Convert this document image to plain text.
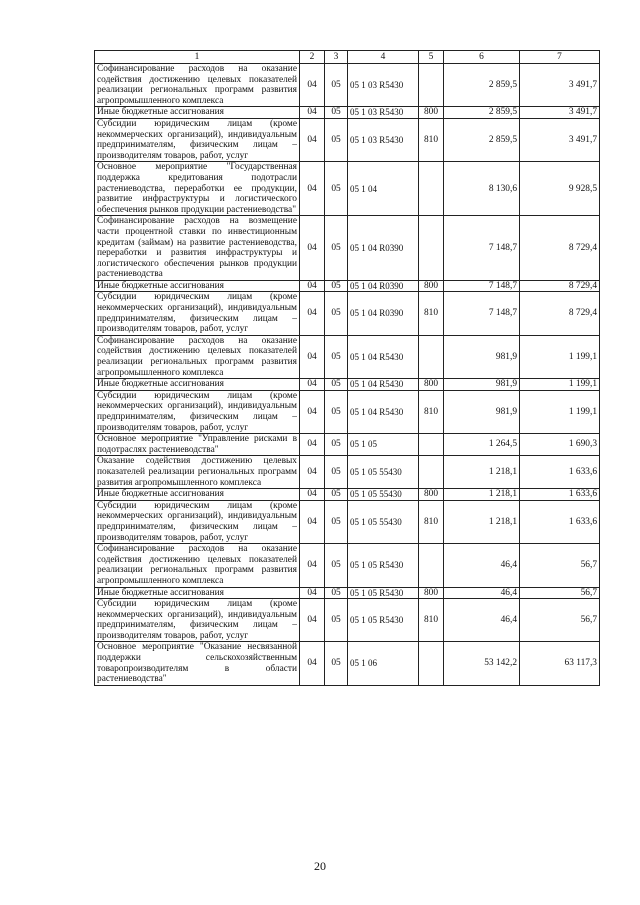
1	2	3	4	5	6	7
Софинансирование расходов на оказание содействия достижению целевых показателей реализации региональных программ развития агропромышленного комплекса	04	05	05 1 03 R5430		2 859,5	3 491,7
Иные бюджетные ассигнования	04	05	05 1 03 R5430	800	2 859,5	3 491,7
Субсидии юридическим лицам (кроме некоммерческих организаций), индивидуальным предпринимателям, физическим лицам – производителям товаров, работ, услуг	04	05	05 1 03 R5430	810	2 859,5	3 491,7
Основное мероприятие "Государственная поддержка кредитования подотрасли растениеводства, переработки ее продукции, развитие инфраструктуры и логистического обеспечения рынков продукции растениеводства"	04	05	05 1 04		8 130,6	9 928,5
Софинансирование расходов на возмещение части процентной ставки по инвестиционным кредитам (займам) на развитие растениеводства, переработки и развития инфраструктуры и логистического обеспечения рынков продукции растениеводства	04	05	05 1 04 R0390		7 148,7	8 729,4
Иные бюджетные ассигнования	04	05	05 1 04 R0390	800	7 148,7	8 729,4
Субсидии юридическим лицам (кроме некоммерческих организаций), индивидуальным предпринимателям, физическим лицам – производителям товаров, работ, услуг	04	05	05 1 04 R0390	810	7 148,7	8 729,4
Софинансирование расходов на оказание содействия достижению целевых показателей реализации региональных программ развития агропромышленного комплекса	04	05	05 1 04 R5430		981,9	1 199,1
Иные бюджетные ассигнования	04	05	05 1 04 R5430	800	981,9	1 199,1
Субсидии юридическим лицам (кроме некоммерческих организаций), индивидуальным предпринимателям, физическим лицам – производителям товаров, работ, услуг	04	05	05 1 04 R5430	810	981,9	1 199,1
Основное мероприятие "Управление рисками в подотраслях растениеводства"	04	05	05 1 05		1 264,5	1 690,3
Оказание содействия достижению целевых показателей реализации региональных программ развития агропромышленного комплекса	04	05	05 1 05 55430		1 218,1	1 633,6
Иные бюджетные ассигнования	04	05	05 1 05 55430	800	1 218,1	1 633,6
Субсидии юридическим лицам (кроме некоммерческих организаций), индивидуальным предпринимателям, физическим лицам – производителям товаров, работ, услуг	04	05	05 1 05 55430	810	1 218,1	1 633,6
Софинансирование расходов на оказание содействия достижению целевых показателей реализации региональных программ развития агропромышленного комплекса	04	05	05 1 05 R5430		46,4	56,7
Иные бюджетные ассигнования	04	05	05 1 05 R5430	800	46,4	56,7
Субсидии юридическим лицам (кроме некоммерческих организаций), индивидуальным предпринимателям, физическим лицам – производителям товаров, работ, услуг	04	05	05 1 05 R5430	810	46,4	56,7
Основное мероприятие "Оказание несвязанной поддержки сельскохозяйственным товаропроизводителям в области растениеводства"	04	05	05 1 06		53 142,2	63 117,3
20
